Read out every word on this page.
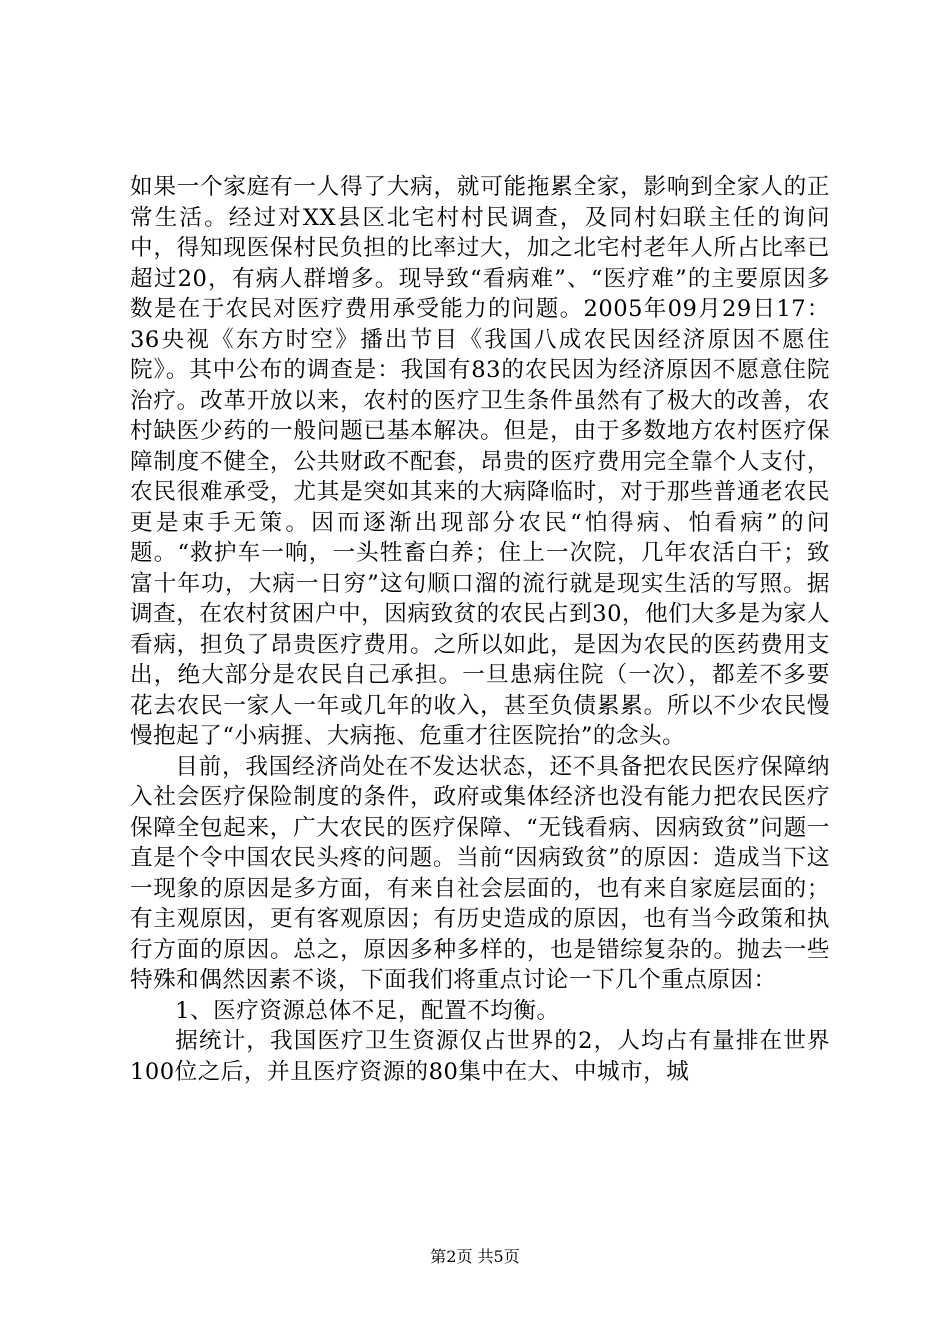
如果一个家庭有一人得了大病，就可能拖累全家，影响到全家人的正常生活。经过对XX县区北宅村村民调查，及同村妇联主任的询问中，得知现医保村民负担的比率过大，加之北宅村老年人所占比率已超过20，有病人群增多。现导致“看病难”、“医疗难”的主要原因多数是在于农民对医疗费用承受能力的问题。2005年09月29日17：36央视《东方时空》播出节目《我国八成农民因经济原因不愿住院》。其中公布的调查是：我国有83的农民因为经济原因不愿意住院治疗。改革开放以来，农村的医疗卫生条件虽然有了极大的改善，农村缺医少药的一般问题已基本解决。但是，由于多数地方农村医疗保障制度不健全，公共财政不配套，昂贵的医疗费用完全靠个人支付，农民很难承受，尤其是突如其来的大病降临时，对于那些普通老农民更是束手无策。因而逐渐出现部分农民“怕得病、怕看病”的问题。“救护车一响，一头牲畜白养；住上一次院，几年农活白干；致富十年功，大病一日穷”这句顺口溜的流行就是现实生活的写照。据调查，在农村贫困户中，因病致贫的农民占到30，他们大多是为家人看病，担负了昂贵医疗费用。之所以如此，是因为农民的医药费用支出，绝大部分是农民自己承担。一旦患病住院（一次），都差不多要花去农民一家人一年或几年的收入，甚至负债累累。所以不少农民慢慢抱起了“小病捱、大病拖、危重才往医院抬”的念头。

目前，我国经济尚处在不发达状态，还不具备把农民医疗保障纳入社会医疗保险制度的条件，政府或集体经济也没有能力把农民医疗保障全包起来，广大农民的医疗保障、“无钱看病、因病致贫”问题一直是个令中国农民头疼的问题。当前“因病致贫”的原因：造成当下这一现象的原因是多方面，有来自社会层面的，也有来自家庭层面的；有主观原因，更有客观原因；有历史造成的原因，也有当今政策和执行方面的原因。总之，原因多种多样的，也是错综复杂的。抛去一些特殊和偶然因素不谈，下面我们将重点讨论一下几个重点原因：

1、医疗资源总体不足，配置不均衡。

据统计，我国医疗卫生资源仅占世界的2，人均占有量排在世界100位之后，并且医疗资源的80集中在大、中城市，城

第2页 共5页
